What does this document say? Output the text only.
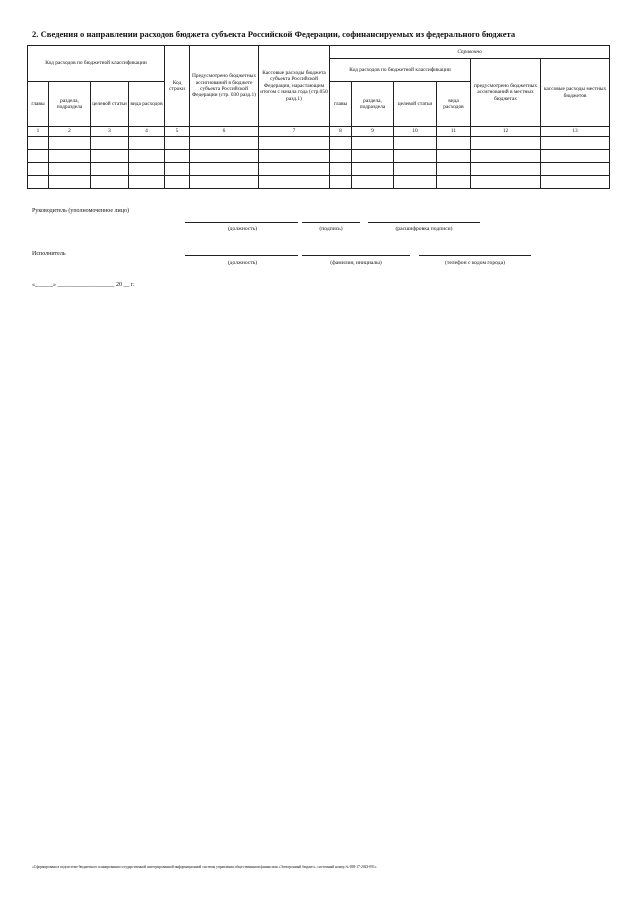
2. Сведения о направлении расходов бюджета субъекта Российской Федерации, софинансируемых из федерального бюджета
Код расходов по бюджетной классификации				Код строки	Предусмотрено бюджетных ассигнований в бюджете субъекта Российской Федерации (стр. 030 разд.1)	Кассовые расходы бюджета субъекта Российской Федерации, нарастающим итогом с начала года (стр.050 разд.1)	Справочно					
							Код расходов по бюджетной классификации				предусмотрено бюджетных ассигнований в местных бюджетах	кассовые расходы местных бюджетов
главы	раздела, подраздела	целевой статьи	вида расходов				главы	раздела, подраздела	целевой статьи	вида расходов		
1	2	3	4	5	6	7	8	9	10	11	12	13

Руководитель (уполномоченное лицо)
(должность)	(подпись)	(расшифровка подписи)
Исполнитель
(должность)	(фамилия, инициалы)	(телефон с кодом города)
«______» ___________________ 20 __ г.
«Сформирована в подсистеме бюджетного планирования государственной интегрированной информационной системы управления общественными финансами «Электронный бюджет», системный номер № 698-17-2023-091»
